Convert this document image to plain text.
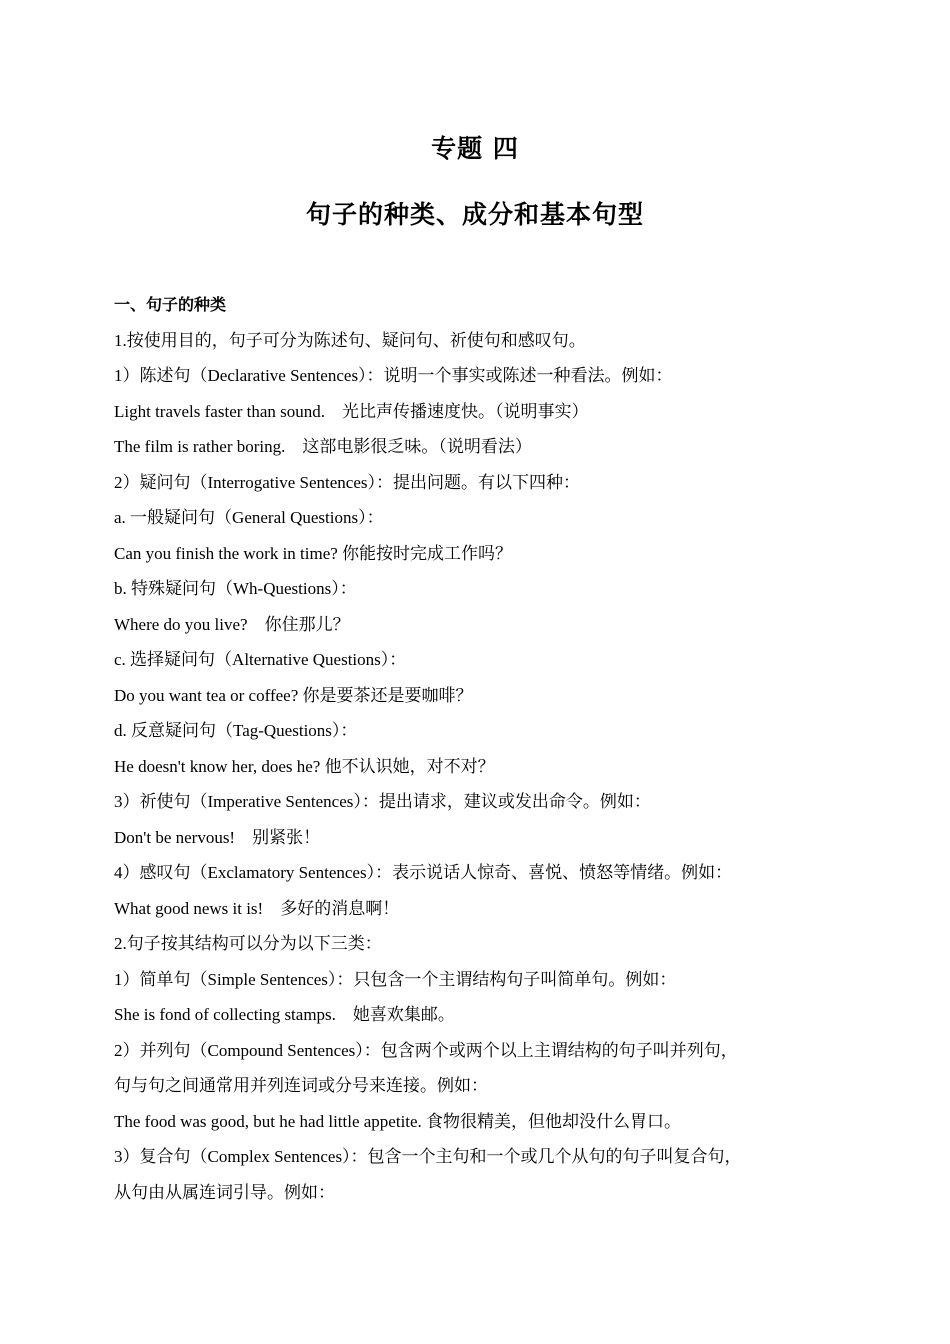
专题 四
句子的种类、成分和基本句型
一、句子的种类
1.按使用目的，句子可分为陈述句、疑问句、祈使句和感叹句。
1）陈述句（Declarative Sentences）：说明一个事实或陈述一种看法。例如：
Light travels faster than sound.　光比声传播速度快。（说明事实）
The film is rather boring.　这部电影很乏味。（说明看法）
2）疑问句（Interrogative Sentences）：提出问题。有以下四种：
a. 一般疑问句（General Questions）：
Can you finish the work in time? 你能按时完成工作吗？
b. 特殊疑问句（Wh-Questions）：
Where do you live?　你住那儿？
c. 选择疑问句（Alternative Questions）：
Do you want tea or coffee? 你是要茶还是要咖啡？
d. 反意疑问句（Tag-Questions）：
He doesn't know her, does he? 他不认识她，对不对？
3）祈使句（Imperative Sentences）：提出请求，建议或发出命令。例如：
Don't be nervous!　别紧张！
4）感叹句（Exclamatory Sentences）：表示说话人惊奇、喜悦、愤怒等情绪。例如：
What good news it is!　多好的消息啊！
2.句子按其结构可以分为以下三类：
1）简单句（Simple Sentences）：只包含一个主谓结构句子叫简单句。例如：
She is fond of collecting stamps.　她喜欢集邮。
2）并列句（Compound Sentences）：包含两个或两个以上主谓结构的句子叫并列句，
句与句之间通常用并列连词或分号来连接。例如：
The food was good, but he had little appetite. 食物很精美，但他却没什么胃口。
3）复合句（Complex Sentences）：包含一个主句和一个或几个从句的句子叫复合句，
从句由从属连词引导。例如：
